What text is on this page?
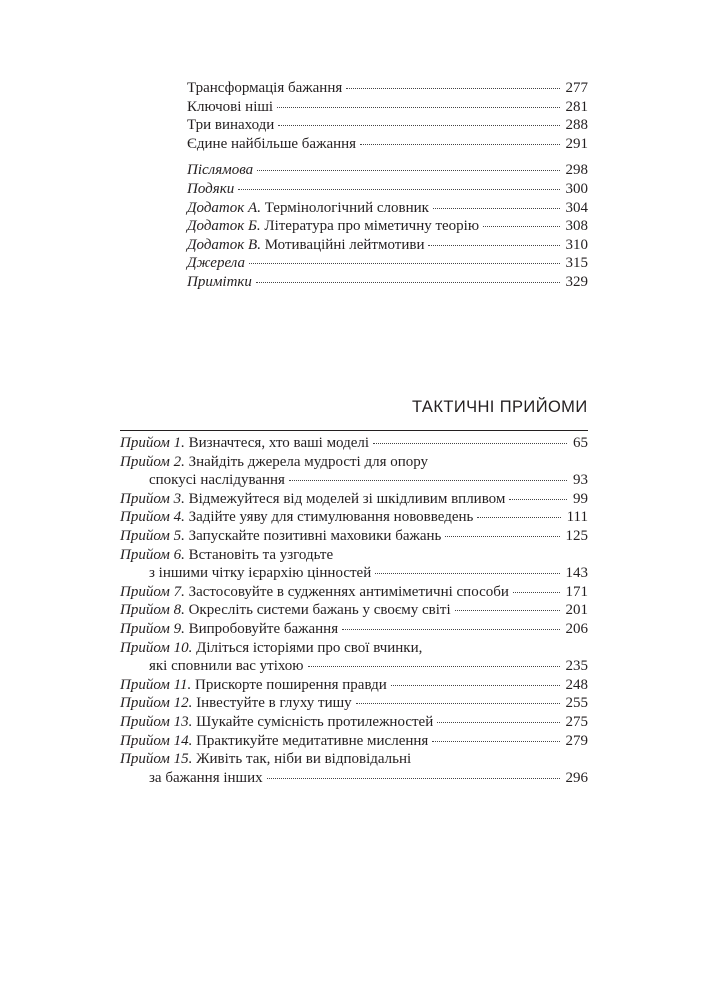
Трансформація бажання	277
Ключові ніші	281
Три винаходи	288
Єдине найбільше бажання	291
Післямова	298
Подяки	300
Додаток А. Термінологічний словник	304
Додаток Б. Література про міметичну теорію	308
Додаток В. Мотиваційні лейтмотиви	310
Джерела	315
Примітки	329
ТАКТИЧНІ ПРИЙОМИ
Прийом 1. Визначтеся, хто ваші моделі	65
Прийом 2. Знайдіть джерела мудрості для опору
спокусі наслідування	93
Прийом 3. Відмежуйтеся від моделей зі шкідливим впливом	99
Прийом 4. Задійте уяву для стимулювання нововведень	111
Прийом 5. Запускайте позитивні маховики бажань	125
Прийом 6. Встановіть та узгодьте
з іншими чітку ієрархію цінностей	143
Прийом 7. Застосовуйте в судженнях антиміметичні способи	171
Прийом 8. Окресліть системи бажань у своєму світі	201
Прийом 9. Випробовуйте бажання	206
Прийом 10. Діліться історіями про свої вчинки,
які сповнили вас утіхою	235
Прийом 11. Прискорте поширення правди	248
Прийом 12. Інвестуйте в глуху тишу	255
Прийом 13. Шукайте сумісність протилежностей	275
Прийом 14. Практикуйте медитативне мислення	279
Прийом 15. Живіть так, ніби ви відповідальні
за бажання інших	296
